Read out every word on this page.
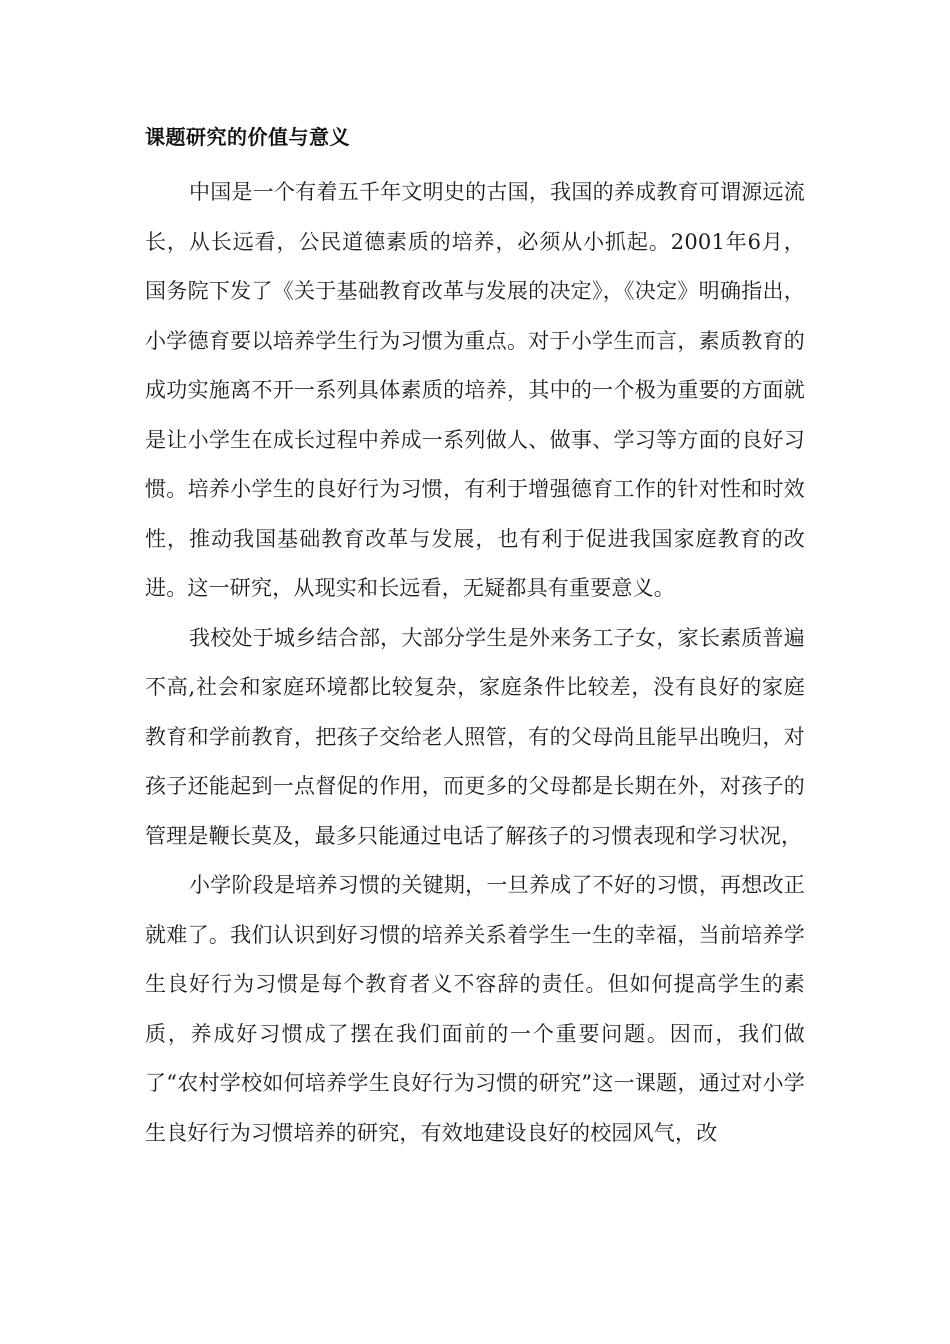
课题研究的价值与意义

中国是一个有着五千年文明史的古国，我国的养成教育可谓源远流长，从长远看，公民道德素质的培养，必须从小抓起。2001年6月，国务院下发了《关于基础教育改革与发展的决定》，《决定》明确指出，小学德育要以培养学生行为习惯为重点。对于小学生而言，素质教育的成功实施离不开一系列具体素质的培养，其中的一个极为重要的方面就是让小学生在成长过程中养成一系列做人、做事、学习等方面的良好习惯。培养小学生的良好行为习惯，有利于增强德育工作的针对性和时效性，推动我国基础教育改革与发展，也有利于促进我国家庭教育的改进。这一研究，从现实和长远看，无疑都具有重要意义。

我校处于城乡结合部，大部分学生是外来务工子女，家长素质普遍不高,社会和家庭环境都比较复杂，家庭条件比较差，没有良好的家庭教育和学前教育，把孩子交给老人照管，有的父母尚且能早出晚归，对孩子还能起到一点督促的作用，而更多的父母都是长期在外，对孩子的管理是鞭长莫及，最多只能通过电话了解孩子的习惯表现和学习状况，

小学阶段是培养习惯的关键期，一旦养成了不好的习惯，再想改正就难了。我们认识到好习惯的培养关系着学生一生的幸福，当前培养学生良好行为习惯是每个教育者义不容辞的责任。但如何提高学生的素质，养成好习惯成了摆在我们面前的一个重要问题。因而，我们做了“农村学校如何培养学生良好行为习惯的研究”这一课题，通过对小学生良好行为习惯培养的研究，有效地建设良好的校园风气，改
